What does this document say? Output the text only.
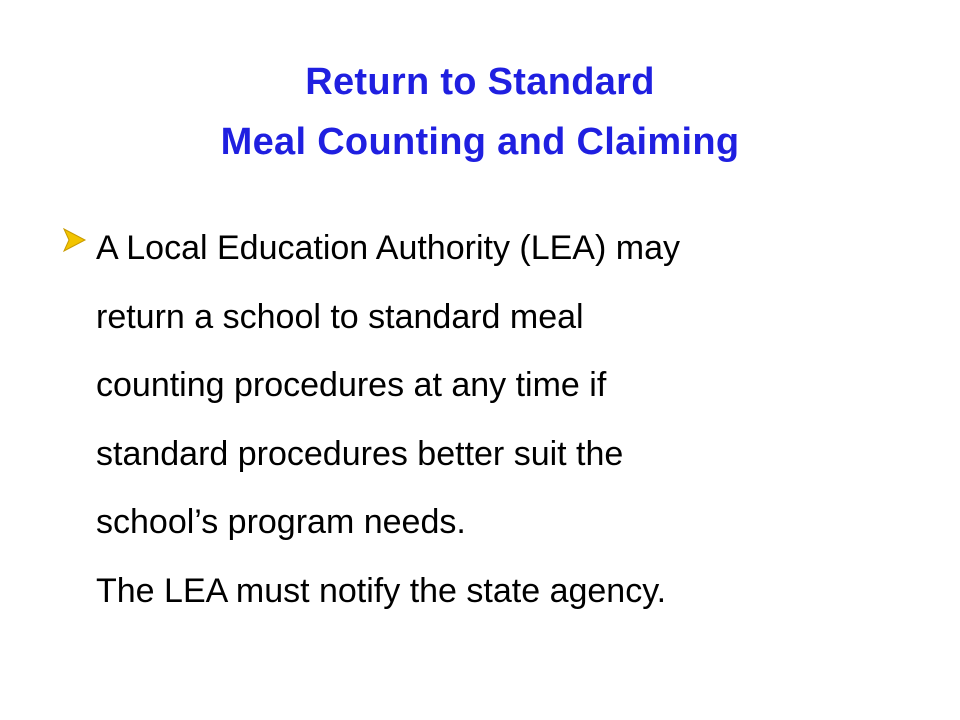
Return to Standard
Meal Counting and Claiming
A Local Education Authority (LEA) may
return a school to standard meal
counting procedures at any time if
standard procedures better suit the
school’s program needs.
The LEA must notify the state agency.
